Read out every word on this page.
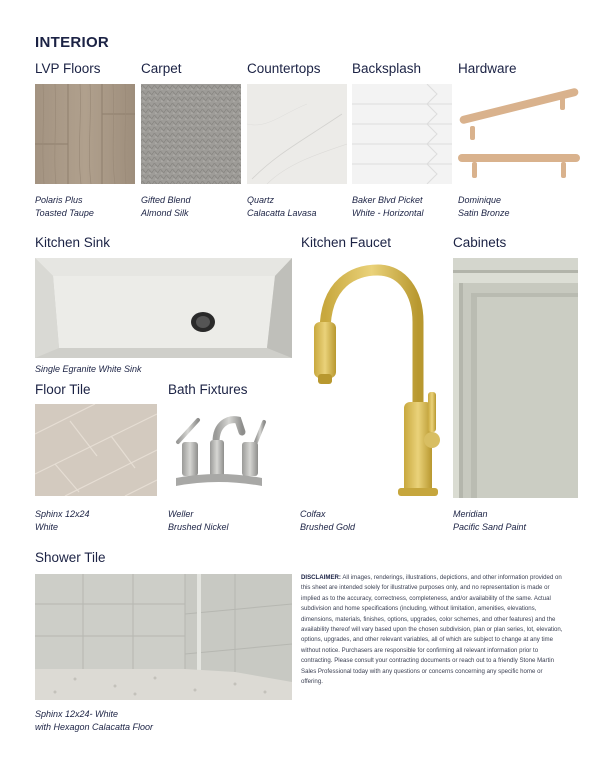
INTERIOR
LVP Floors	Carpet	Countertops Backsplash	Hardware
Polaris Plus
Toasted Taupe
Gifted Blend
Almond Silk
Quartz
Calacatta Lavasa
Baker Blvd Picket
White - Horizontal
Dominique
Satin Bronze
Kitchen Sink	Kitchen Faucet	Cabinets
Single Egranite White Sink
Colfax
Brushed Gold
Meridian
Pacific Sand Paint
Floor Tile	Bath Fixtures
Sphinx 12x24
White
Weller
Brushed Nickel
Shower Tile
Sphinx 12x24- White
with Hexagon Calacatta Floor
DISCLAIMER: All images, renderings, illustrations, depictions, and other information provided on this sheet are intended solely for illustrative purposes only, and no representation is made or implied as to the accuracy, correctness, completeness, and/or availability of the same. Actual subdivision and home specifications (including, without limitation, amenities, elevations, dimensions, materials, finishes, options, upgrades, color schemes, and other features) and the availability thereof will vary based upon the chosen subdivision, plan or plan series, lot, elevation, options, upgrades, and other relevant variables, all of which are subject to change at any time without notice. Purchasers are responsible for confirming all relevant information prior to contracting. Please consult your contracting documents or reach out to a friendly Stone Martin Sales Professional today with any questions or concerns concerning any specific home or offering.
